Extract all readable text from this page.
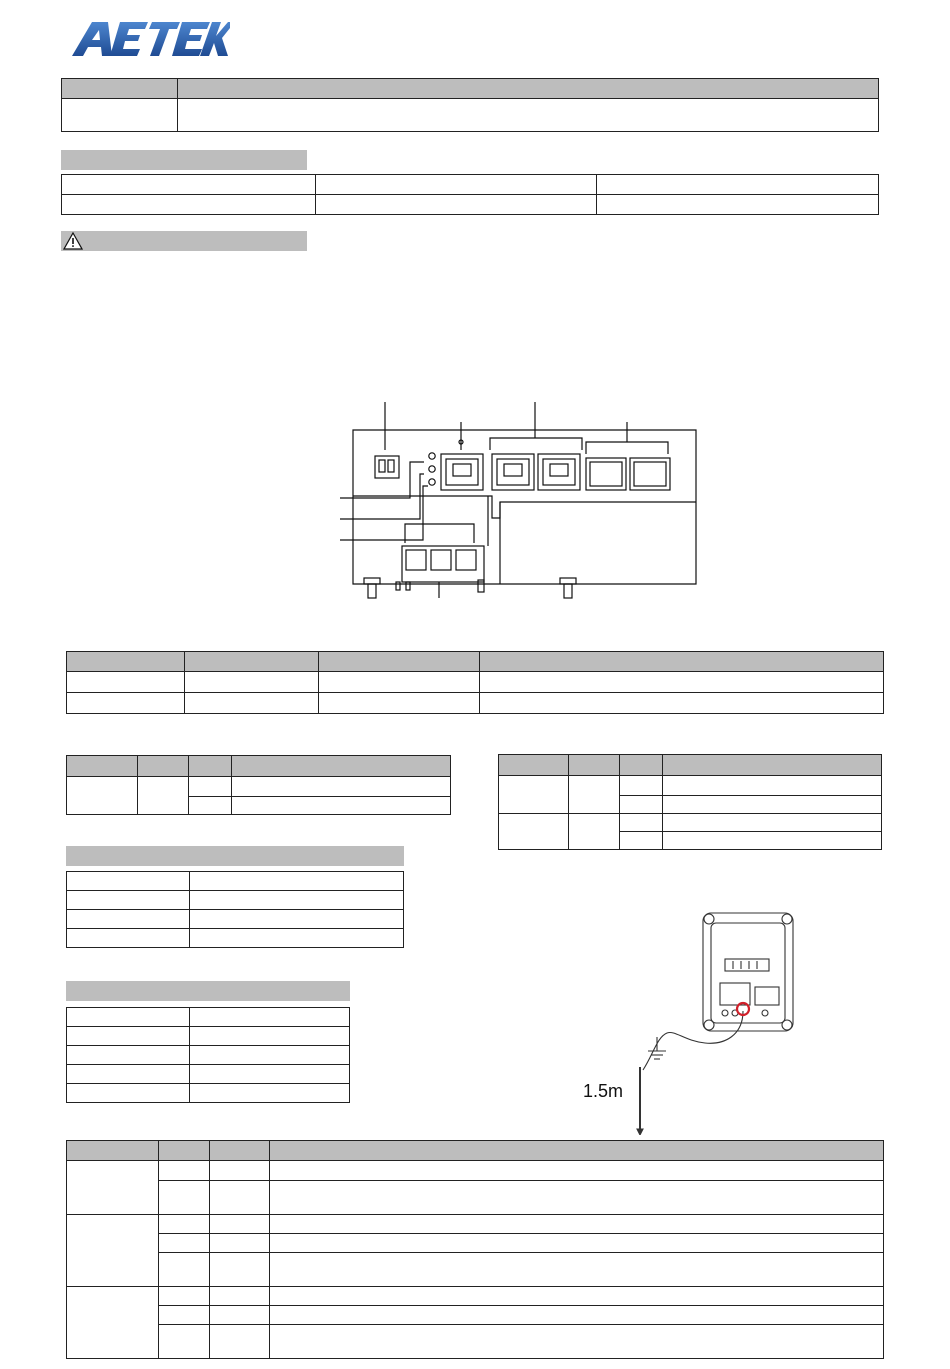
1.5m
